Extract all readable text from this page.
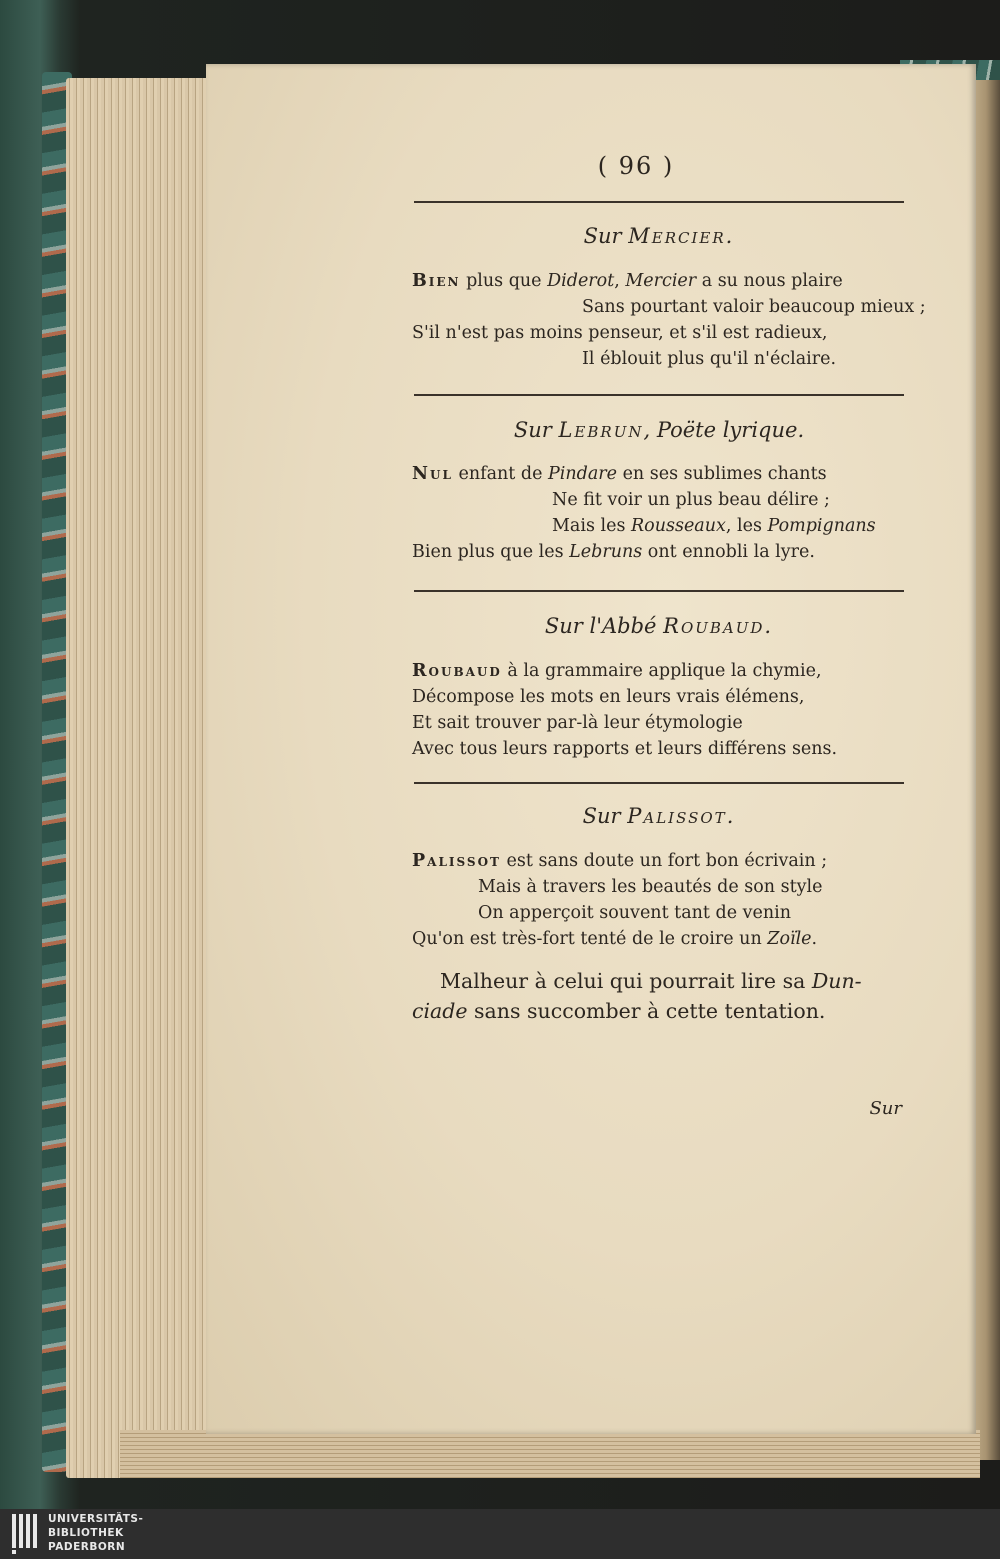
( 96 )
Sur Mercier.
Bien plus que Diderot, Mercier a su nous plaire
Sans pourtant valoir beaucoup mieux ;
S'il n'est pas moins penseur, et s'il est radieux,
Il éblouit plus qu'il n'éclaire.
Sur Lebrun, Poëte lyrique.
Nul enfant de Pindare en ses sublimes chants
Ne fit voir un plus beau délire ;
Mais les Rousseaux, les Pompignans
Bien plus que les Lebruns ont ennobli la lyre.
Sur l'Abbé Roubaud.
Roubaud à la grammaire applique la chymie,
Décompose les mots en leurs vrais élémens,
Et sait trouver par-là leur étymologie
Avec tous leurs rapports et leurs différens sens.
Sur Palissot.
Palissot est sans doute un fort bon écrivain ;
Mais à travers les beautés de son style
On apperçoit souvent tant de venin
Qu'on est très-fort tenté de le croire un Zoïle.
Malheur à celui qui pourrait lire sa Dun-
ciade sans succomber à cette tentation.
Sur
UNIVERSITÄTS-
BIBLIOTHEK
PADERBORN
